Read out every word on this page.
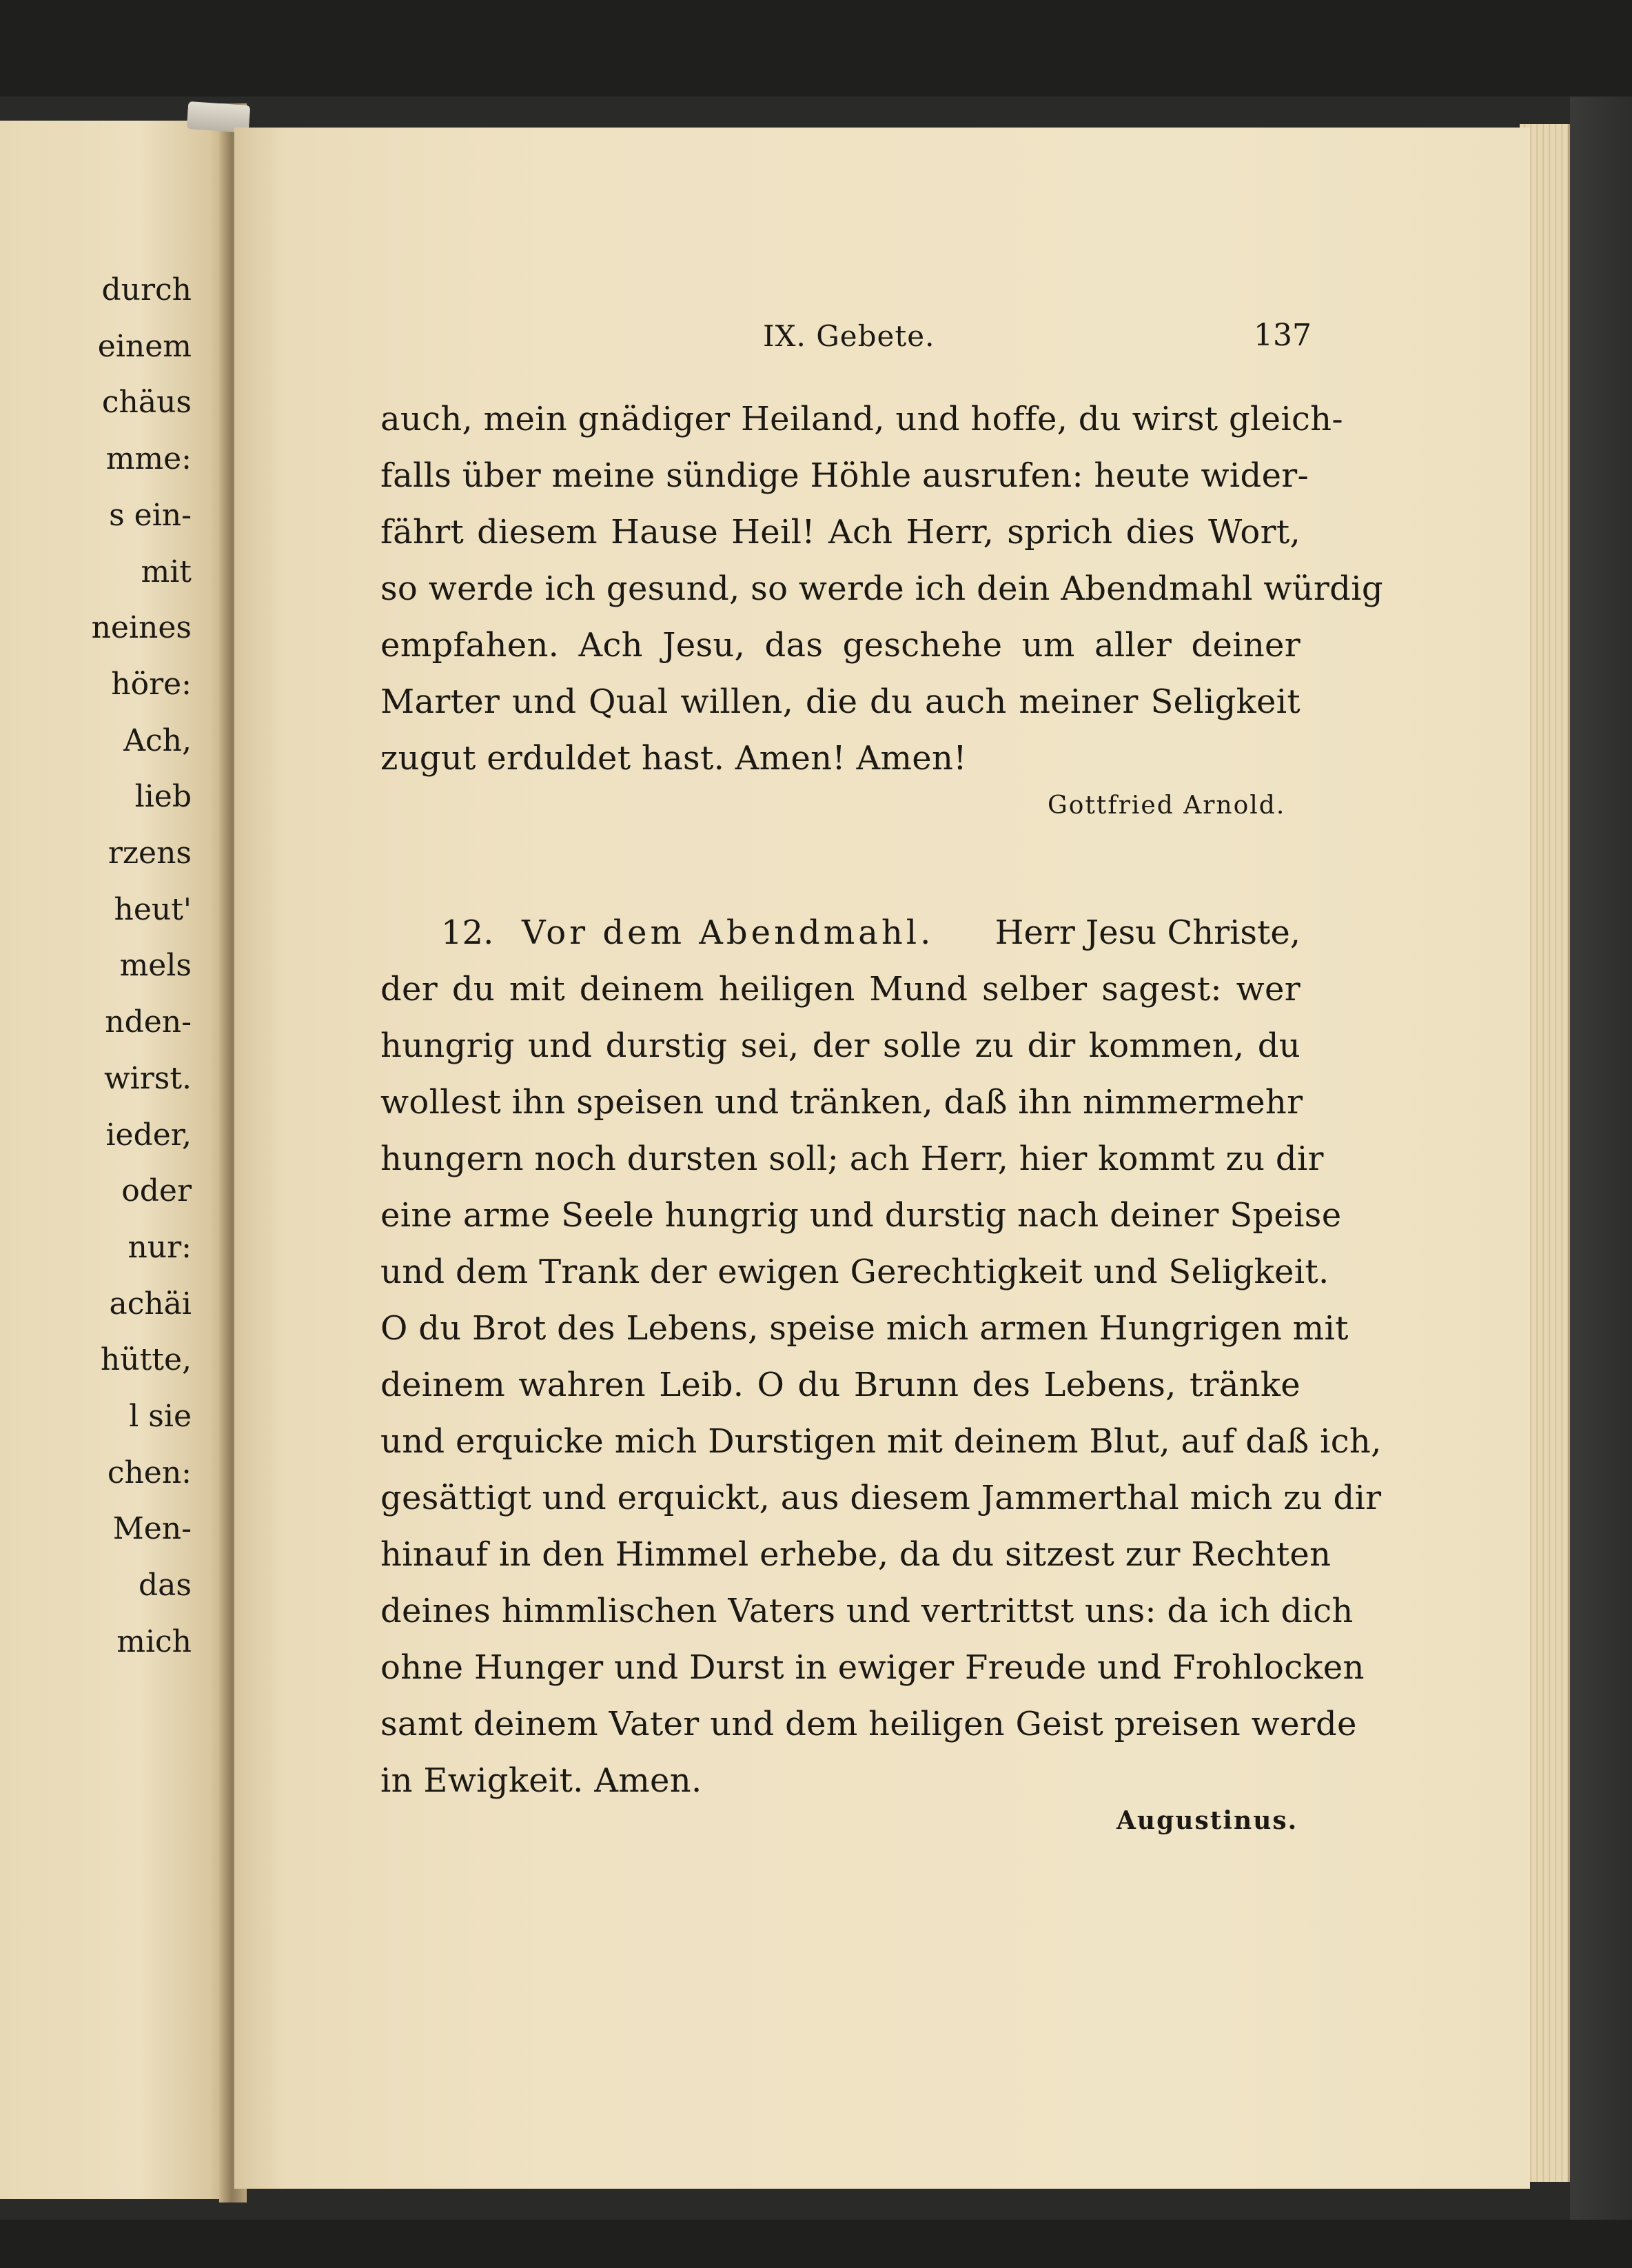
durch
einem
chäus
mme:
s ein-
mit
neines
höre:
Ach,
lieb
rzens
heut'
mels
nden-
wirst.
ieder,
oder
nur:
achäi
hütte,
l sie
chen:
Men-
das
mich
IX. Gebete.	137
auch, mein gnädiger Heiland, und hoffe, du wirst gleich-
falls über meine sündige Höhle ausrufen: heute wider-
fährt diesem Hause Heil! Ach Herr, sprich dies Wort,
so werde ich gesund, so werde ich dein Abendmahl würdig
empfahen. Ach Jesu, das geschehe um aller deiner
Marter und Qual willen, die du auch meiner Seligkeit
zugut erduldet hast. Amen! Amen!
Gottfried Arnold.
12. Vor dem Abendmahl. Herr Jesu Christe,
der du mit deinem heiligen Mund selber sagest: wer
hungrig und durstig sei, der solle zu dir kommen, du
wollest ihn speisen und tränken, daß ihn nimmermehr
hungern noch dursten soll; ach Herr, hier kommt zu dir
eine arme Seele hungrig und durstig nach deiner Speise
und dem Trank der ewigen Gerechtigkeit und Seligkeit.
O du Brot des Lebens, speise mich armen Hungrigen mit
deinem wahren Leib. O du Brunn des Lebens, tränke
und erquicke mich Durstigen mit deinem Blut, auf daß ich,
gesättigt und erquickt, aus diesem Jammerthal mich zu dir
hinauf in den Himmel erhebe, da du sitzest zur Rechten
deines himmlischen Vaters und vertrittst uns: da ich dich
ohne Hunger und Durst in ewiger Freude und Frohlocken
samt deinem Vater und dem heiligen Geist preisen werde
in Ewigkeit. Amen.
Augustinus.
